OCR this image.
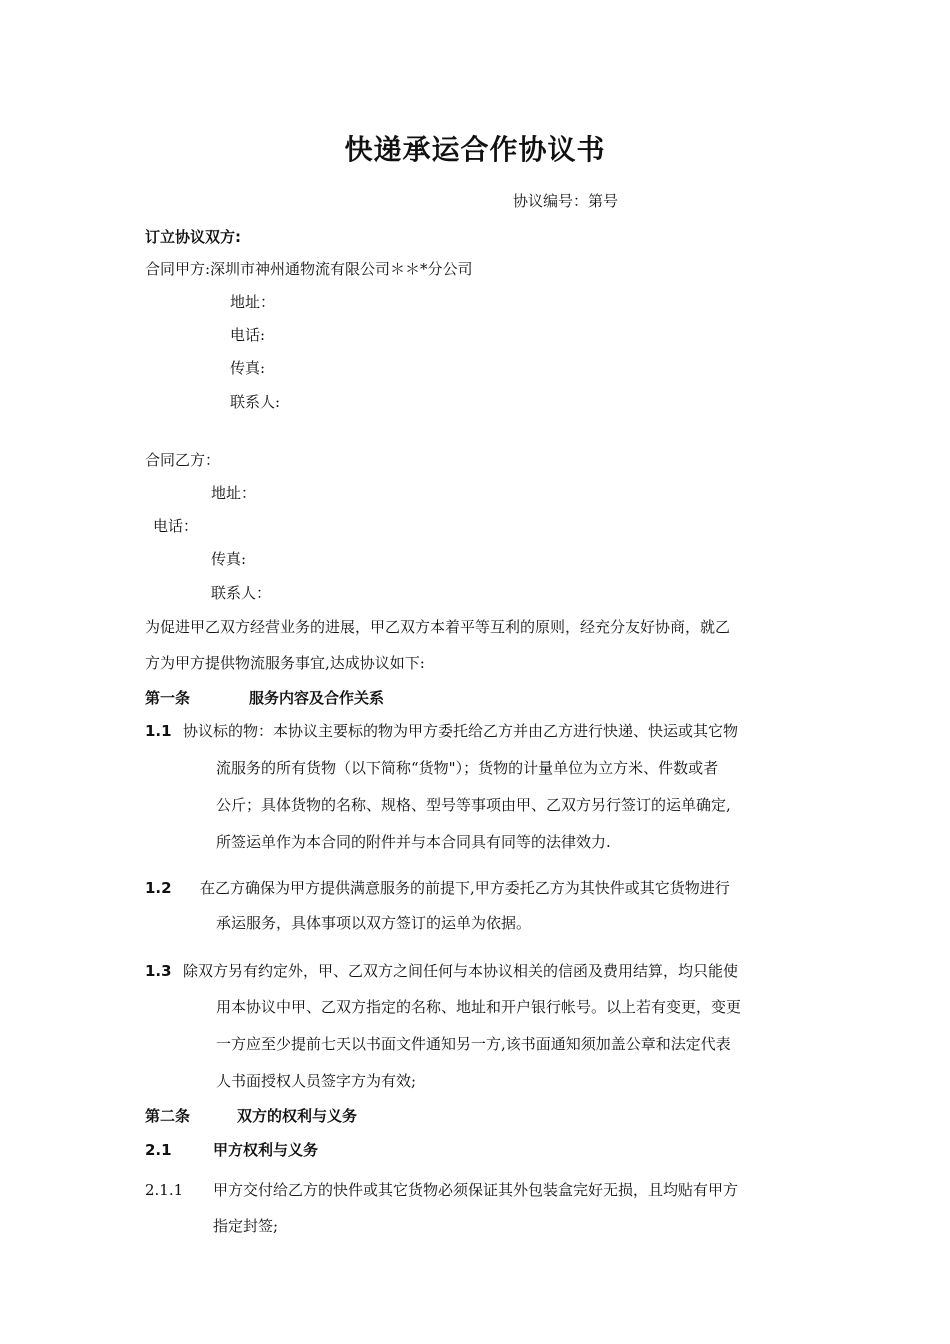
快递承运合作协议书
协议编号：第号
订立协议双方:
合同甲方:深圳市神州通物流有限公司＊＊*分公司
地址：
电话:
传真:
联系人:
合同乙方：
地址：
电话：
传真:
联系人：
为促进甲乙双方经营业务的进展，甲乙双方本着平等互利的原则，经充分友好协商，就乙
方为甲方提供物流服务事宜,达成协议如下:
第一条	服务内容及合作关系
1.1 协议标的物：本协议主要标的物为甲方委托给乙方并由乙方进行快递、快运或其它物
流服务的所有货物（以下简称“货物"）；货物的计量单位为立方米、件数或者
公斤；具体货物的名称、规格、型号等事项由甲、乙双方另行签订的运单确定,
所签运单作为本合同的附件并与本合同具有同等的法律效力.
1.2 在乙方确保为甲方提供满意服务的前提下,甲方委托乙方为其快件或其它货物进行
承运服务，具体事项以双方签订的运单为依据。
1.3 除双方另有约定外，甲、乙双方之间任何与本协议相关的信函及费用结算，均只能使
用本协议中甲、乙双方指定的名称、地址和开户银行帐号。以上若有变更，变更
一方应至少提前七天以书面文件通知另一方,该书面通知须加盖公章和法定代表
人书面授权人员签字方为有效;
第二条	双方的权利与义务
2.1	甲方权利与义务
2.1.1 甲方交付给乙方的快件或其它货物必须保证其外包装盒完好无损，且均贴有甲方
指定封签;
